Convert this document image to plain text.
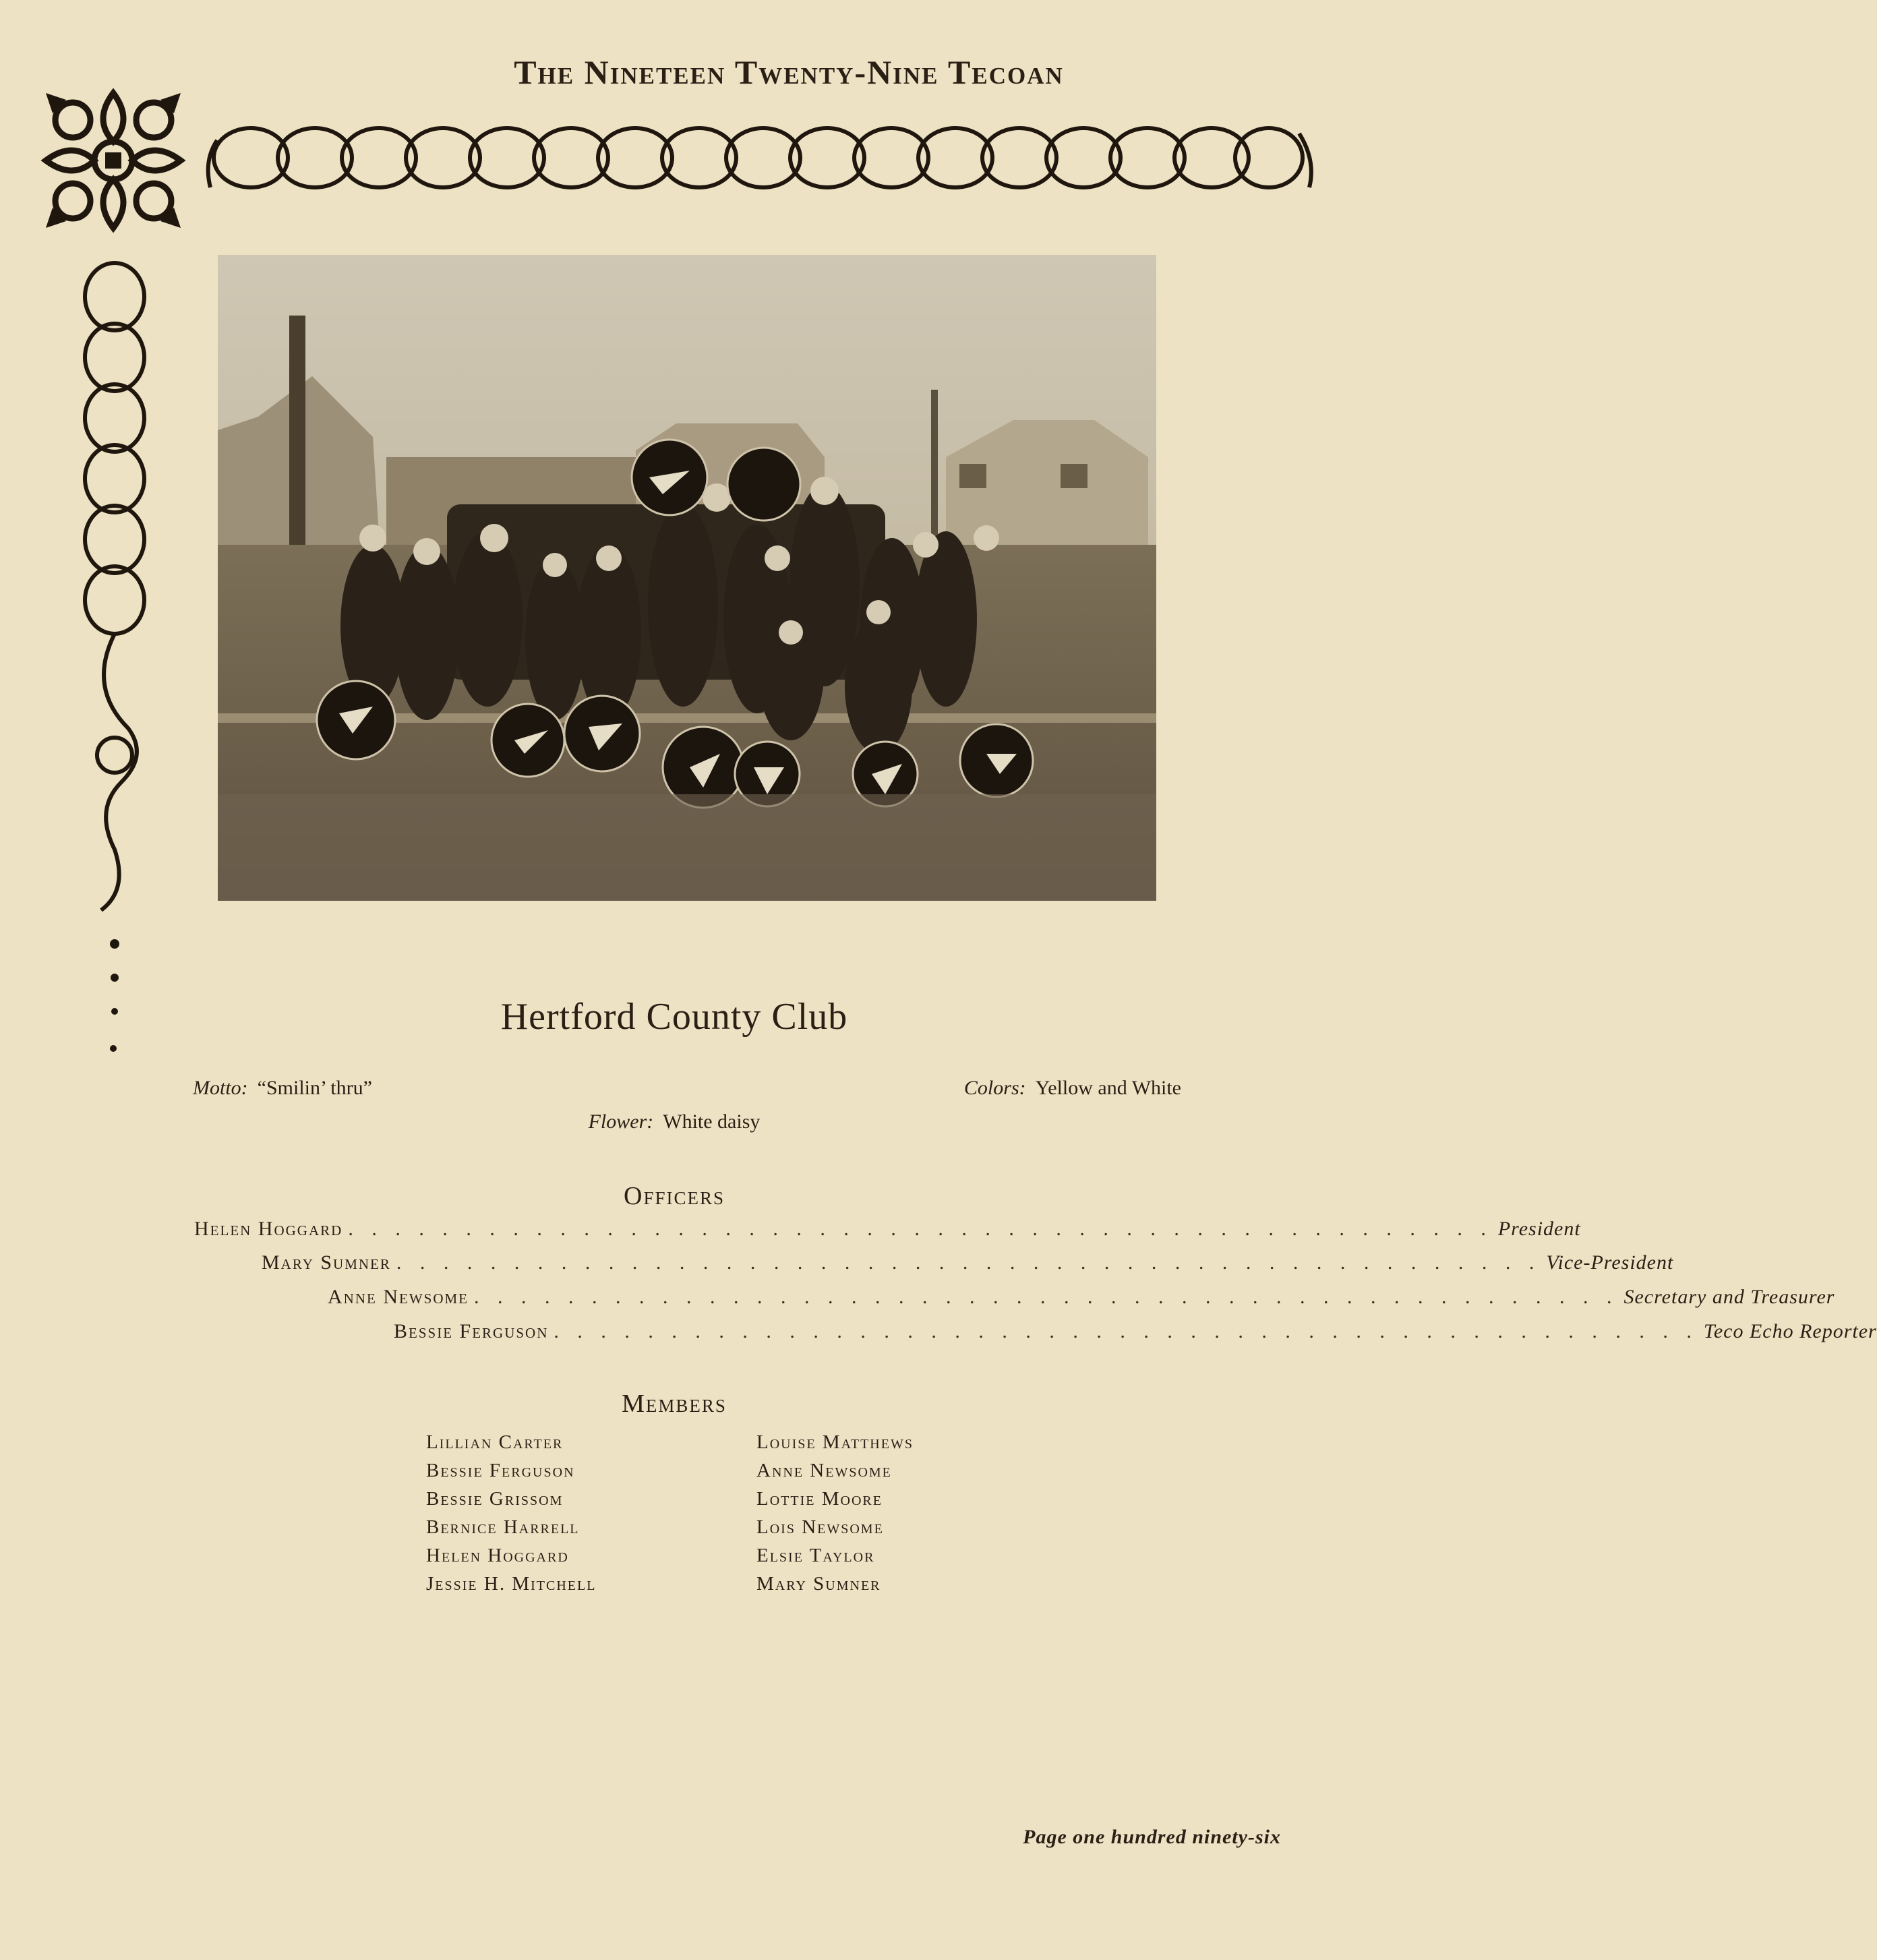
The Nineteen Twenty-Nine Tecoan
Hertford County Club
Motto: “Smilin’ thru”	Colors: Yellow and White
Flower: White daisy
Officers
Helen Hoggard . . . . . . . . . . . . . . . . . . . . . . . . . . . . . . . . . . . . . . . . . . . . . . . . . President
Mary Sumner . . . . . . . . . . . . . . . . . . . . . . . . . . . . . . . . . . . . . . . . . . . . . . . . . Vice-President
Anne Newsome . . . . . . . . . . . . . . . . . . . . . . . . . . . . . . . . . . . . . . . . . . . . . . . . . Secretary and Treasurer
Bessie Ferguson . . . . . . . . . . . . . . . . . . . . . . . . . . . . . . . . . . . . . . . . . . . . . . . . . Teco Echo Reporter
Members
Lillian Carter
Bessie Ferguson
Bessie Grissom
Bernice Harrell
Helen Hoggard
Jessie H. Mitchell
Louise Matthews
Anne Newsome
Lottie Moore
Lois Newsome
Elsie Taylor
Mary Sumner
Page one hundred ninety-six
